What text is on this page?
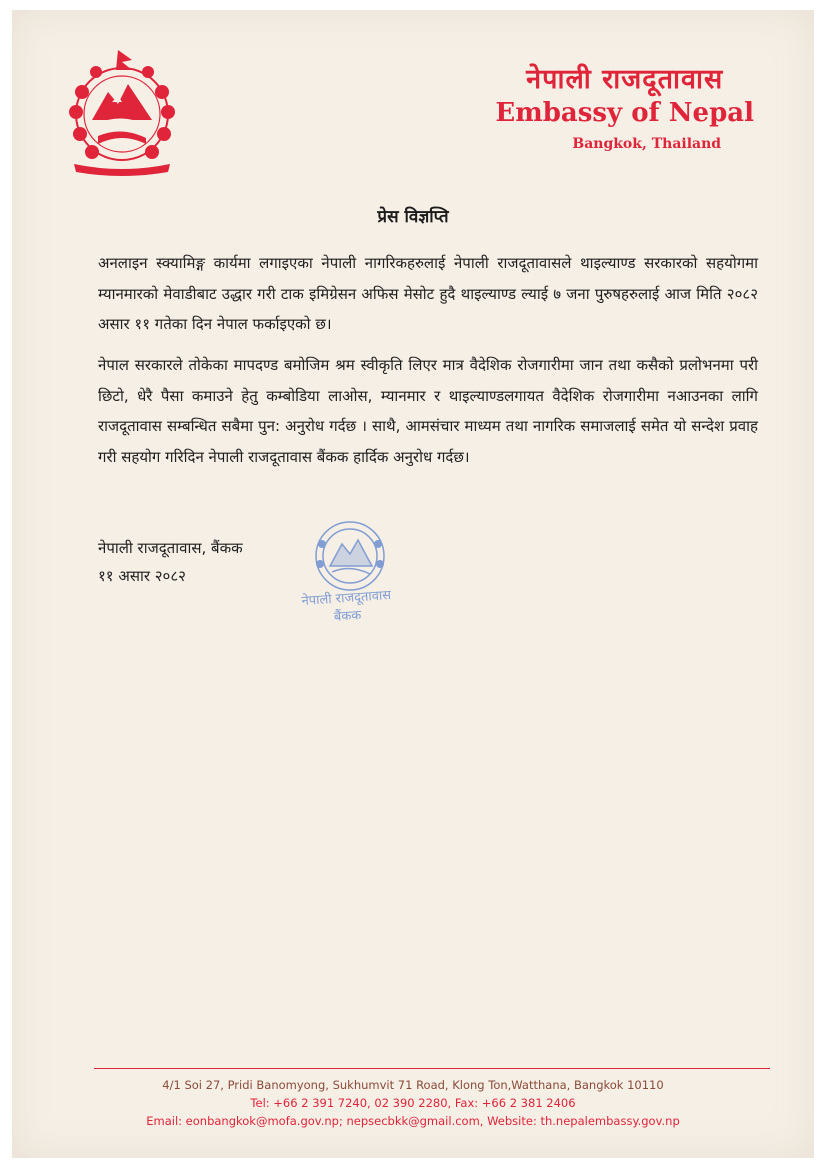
नेपाली राजदूतावास
Embassy of Nepal
Bangkok, Thailand
प्रेस विज्ञप्ति

अनलाइन स्क्यामिङ्ग कार्यमा लगाइएका नेपाली नागरिकहरुलाई नेपाली राजदूतावासले थाइल्याण्ड सरकारको सहयोगमा म्यानमारको मेवाडीबाट उद्धार गरी टाक इमिग्रेसन अफिस मेसोट हुदै थाइल्याण्ड ल्याई ७ जना पुरुषहरुलाई आज मिति २०८२ असार ११ गतेका दिन नेपाल फर्काइएको छ।

नेपाल सरकारले तोकेका मापदण्ड बमोजिम श्रम स्वीकृति लिएर मात्र वैदेशिक रोजगारीमा जान तथा कसैको प्रलोभनमा परी छिटो, धेरै पैसा कमाउने हेतु कम्बोडिया लाओस, म्यानमार र थाइल्याण्डलगायत वैदेशिक रोजगारीमा नआउनका लागि राजदूतावास सम्बन्धित सबैमा पुन: अनुरोध गर्दछ । साथै, आमसंचार माध्यम तथा नागरिक समाजलाई समेत यो सन्देश प्रवाह गरी सहयोग गरिदिन नेपाली राजदूतावास बैंकक हार्दिक अनुरोध गर्दछ।

नेपाली राजदूतावास, बैंकक
११ असार २०८२
नेपाली राजदूतावास
बैंकक
4/1 Soi 27, Pridi Banomyong, Sukhumvit 71 Road, Klong Ton,Watthana, Bangkok 10110
Tel: +66 2 391 7240, 02 390 2280, Fax: +66 2 381 2406
Email: eonbangkok@mofa.gov.np; nepsecbkk@gmail.com, Website: th.nepalembassy.gov.np
